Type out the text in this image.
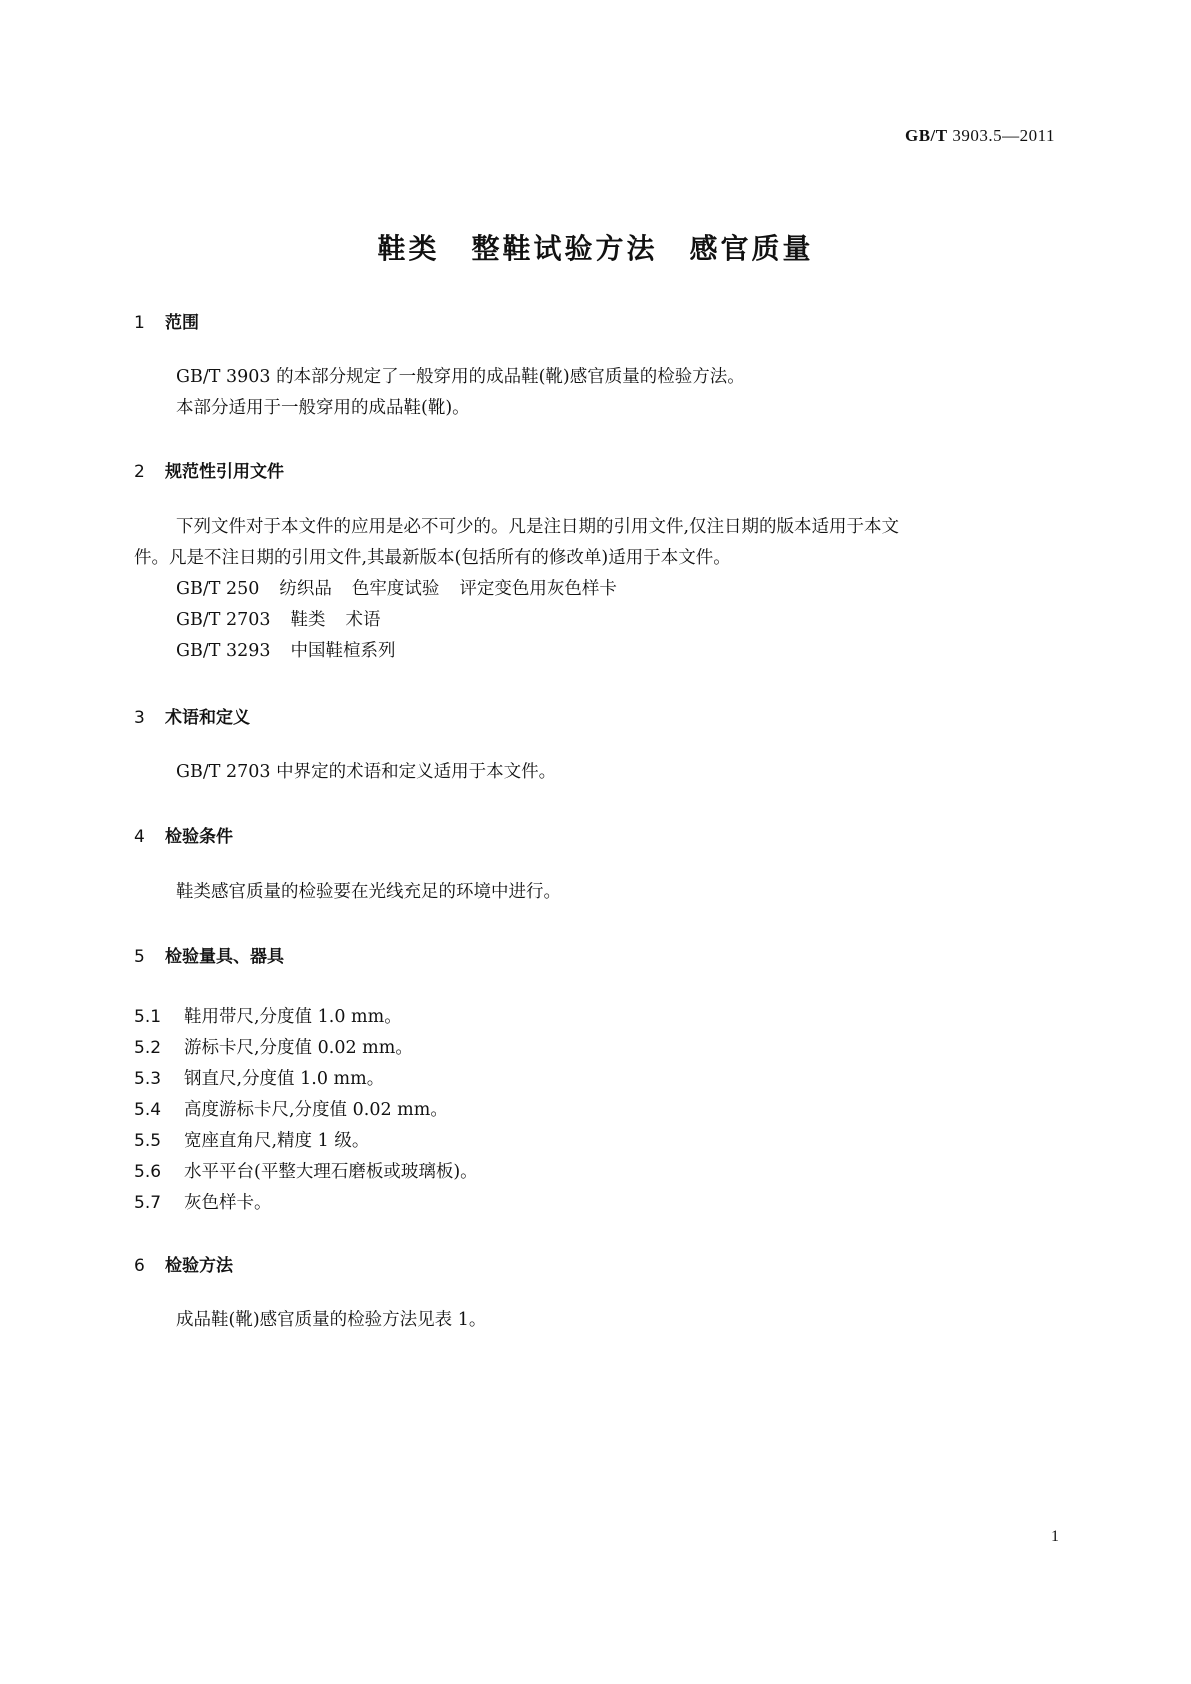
GB/T 3903.5—2011
鞋类 整鞋试验方法 感官质量
1 范围
GB/T 3903 的本部分规定了一般穿用的成品鞋(靴)感官质量的检验方法。
本部分适用于一般穿用的成品鞋(靴)。
2 规范性引用文件
下列文件对于本文件的应用是必不可少的。凡是注日期的引用文件,仅注日期的版本适用于本文
件。凡是不注日期的引用文件,其最新版本(包括所有的修改单)适用于本文件。
GB/T 250 纺织品 色牢度试验 评定变色用灰色样卡
GB/T 2703 鞋类 术语
GB/T 3293 中国鞋楦系列
3 术语和定义
GB/T 2703 中界定的术语和定义适用于本文件。
4 检验条件
鞋类感官质量的检验要在光线充足的环境中进行。
5 检验量具、器具
5.1 鞋用带尺,分度值 1.0 mm。
5.2 游标卡尺,分度值 0.02 mm。
5.3 钢直尺,分度值 1.0 mm。
5.4 高度游标卡尺,分度值 0.02 mm。
5.5 宽座直角尺,精度 1 级。
5.6 水平平台(平整大理石磨板或玻璃板)。
5.7 灰色样卡。
6 检验方法
成品鞋(靴)感官质量的检验方法见表 1。
1
